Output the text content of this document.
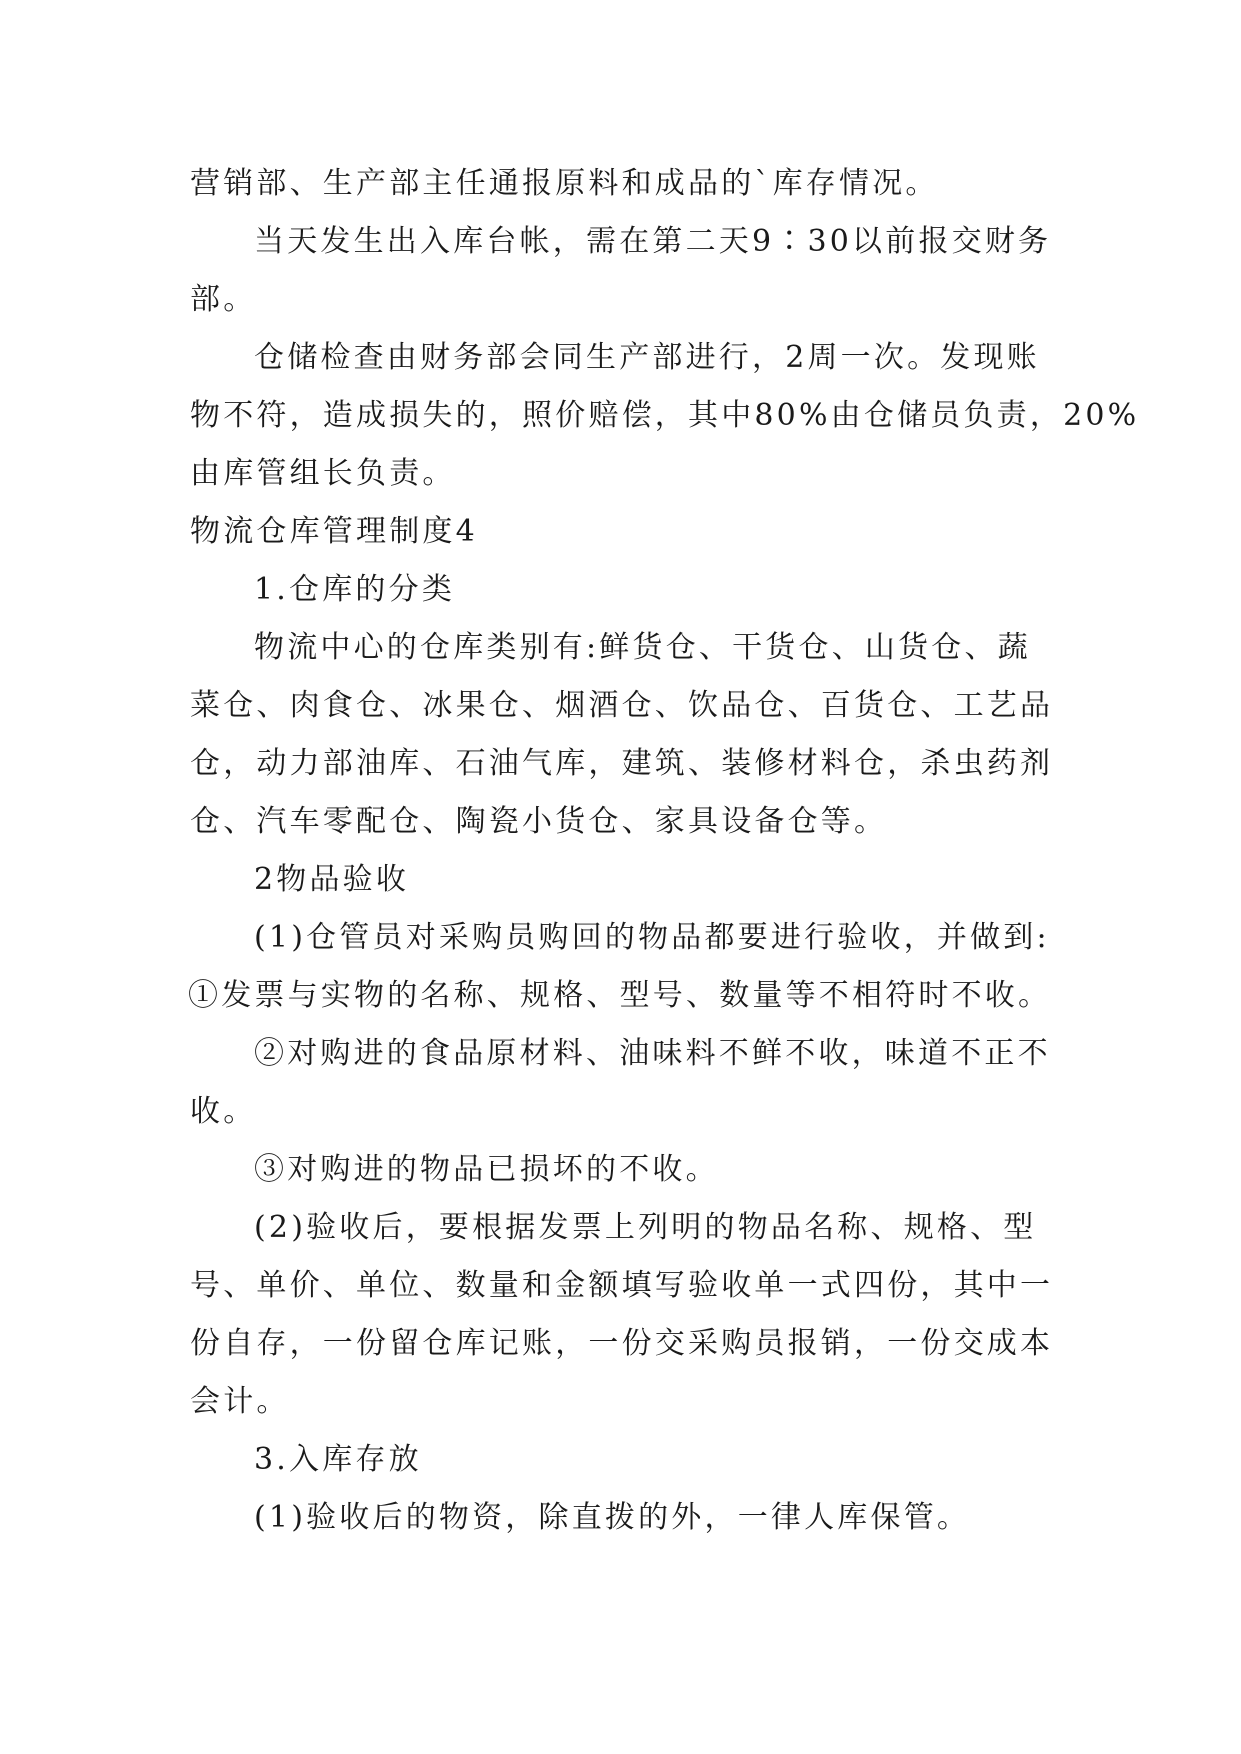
营销部、生产部主任通报原料和成品的`库存情况。
当天发生出入库台帐，需在第二天9∶30以前报交财务
部。
仓储检查由财务部会同生产部进行，2周一次。发现账
物不符，造成损失的，照价赔偿，其中80%由仓储员负责，20%
由库管组长负责。
物流仓库管理制度4
1.仓库的分类
物流中心的仓库类别有:鲜货仓、干货仓、山货仓、蔬
菜仓、肉食仓、冰果仓、烟酒仓、饮品仓、百货仓、工艺品
仓，动力部油库、石油气库，建筑、装修材料仓，杀虫药剂
仓、汽车零配仓、陶瓷小货仓、家具设备仓等。
2物品验收
(1)仓管员对采购员购回的物品都要进行验收，并做到:
①发票与实物的名称、规格、型号、数量等不相符时不收。
②对购进的食品原材料、油味料不鲜不收，味道不正不
收。
③对购进的物品已损坏的不收。
(2)验收后，要根据发票上列明的物品名称、规格、型
号、单价、单位、数量和金额填写验收单一式四份，其中一
份自存，一份留仓库记账，一份交采购员报销，一份交成本
会计。
3.入库存放
(1)验收后的物资，除直拨的外，一律人库保管。
